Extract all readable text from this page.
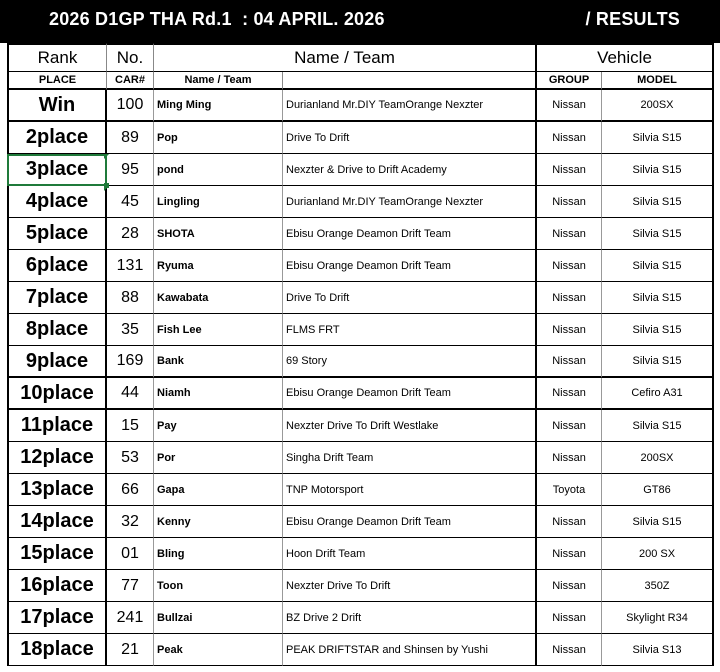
2026 D1GP THA Rd.1  : 04 APRIL. 2026	/ RESULTS
Rank	No.	Name / Team	Vehicle
PLACE	CAR#	Name / Team	GROUP	MODEL
Win	100	Ming Ming	Durianland Mr.DIY TeamOrange Nexzter	Nissan	200SX
2place	89	Pop	Drive To Drift	Nissan	Silvia S15
3place	95	pond	Nexzter & Drive to Drift Academy	Nissan	Silvia S15
4place	45	Lingling	Durianland Mr.DIY TeamOrange Nexzter	Nissan	Silvia S15
5place	28	SHOTA	Ebisu Orange Deamon Drift Team	Nissan	Silvia S15
6place	131	Ryuma	Ebisu Orange Deamon Drift Team	Nissan	Silvia S15
7place	88	Kawabata	Drive To Drift	Nissan	Silvia S15
8place	35	Fish Lee	FLMS FRT	Nissan	Silvia S15
9place	169	Bank	69 Story	Nissan	Silvia S15
10place	44	Niamh	Ebisu Orange Deamon Drift Team	Nissan	Cefiro A31
11place	15	Pay	Nexzter Drive To Drift Westlake	Nissan	Silvia S15
12place	53	Por	Singha Drift Team	Nissan	200SX
13place	66	Gapa	TNP Motorsport	Toyota	GT86
14place	32	Kenny	Ebisu Orange Deamon Drift Team	Nissan	Silvia S15
15place	01	Bling	Hoon Drift Team	Nissan	200 SX
16place	77	Toon	Nexzter Drive To Drift	Nissan	350Z
17place	241	Bullzai	BZ Drive 2 Drift	Nissan	Skylight R34
18place	21	Peak	PEAK DRIFTSTAR and Shinsen by Yushi	Nissan	Silvia S13
